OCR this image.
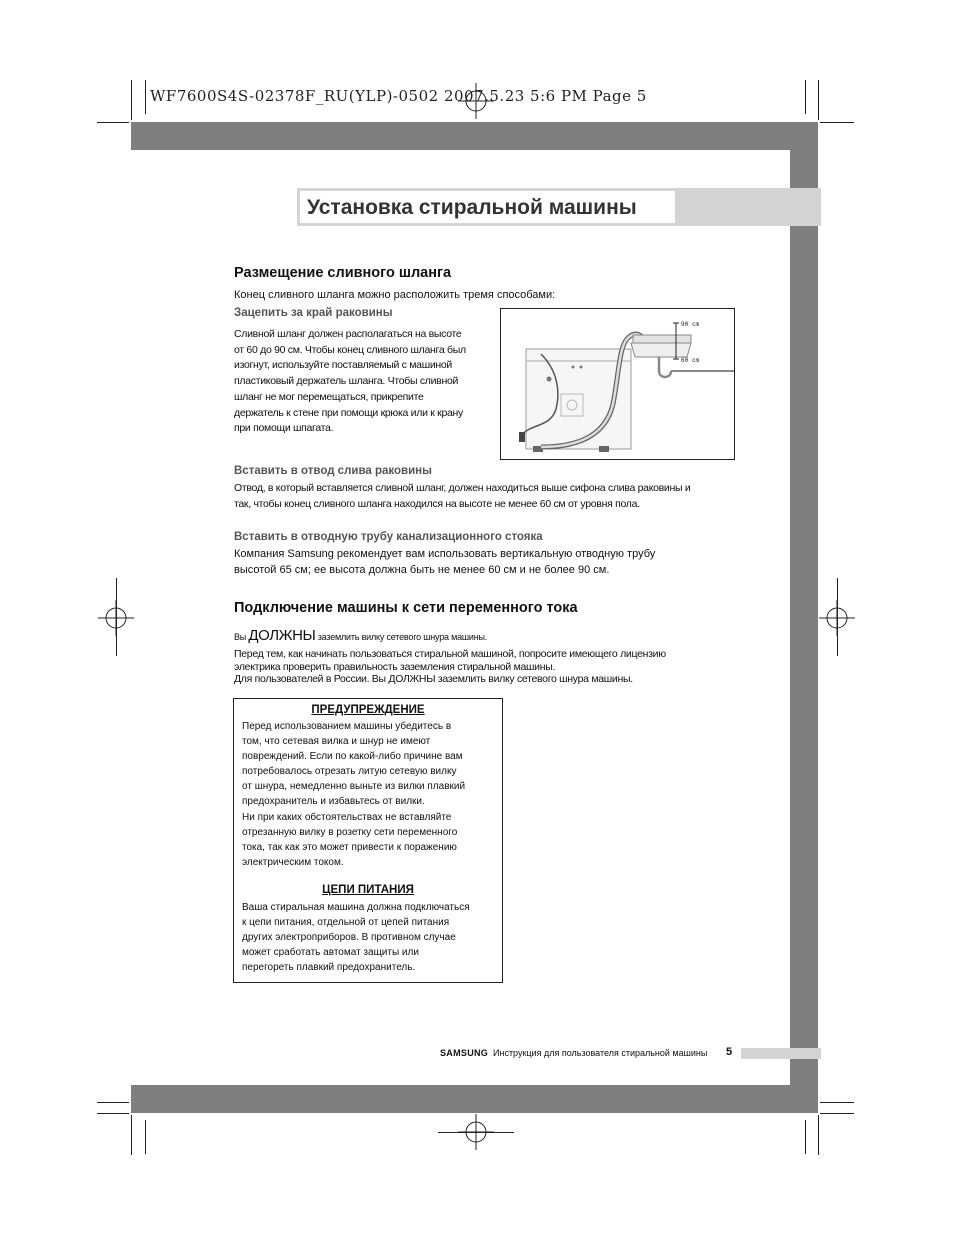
WF7600S4S-02378F_RU(YLP)-0502 2007.5.23 5:6 PM Page 5
Установка стиральной машины
Размещение сливного шланга
Конец сливного шланга можно расположить тремя способами:
Зацепить за край раковины
Сливной шланг должен располагаться на высоте
от 60 до 90 см. Чтобы конец сливного шланга был
изогнут, используйте поставляемый с машиной
пластиковый держатель шланга. Чтобы сливной
шланг не мог перемещаться, прикрепите
держатель к стене при помощи крюка или к крану
при помощи шпагата.
90 cm
60 cm
Вставить в отвод слива раковины
Отвод, в который вставляется сливной шланг, должен находиться выше сифона слива раковины и
так, чтобы конец сливного шланга находился на высоте не менее 60 см от уровня пола.
Вставить в отводную трубу канализационного стояка
Компания Samsung рекомендует вам использовать вертикальную отводную трубу
высотой 65 см; ее высота должна быть не менее 60 см и не более 90 см.
Подключение машины к сети переменного тока
Вы ДОЛЖНЫ заземлить вилку сетевого шнура машины.
Перед тем, как начинать пользоваться стиральной машиной, попросите имеющего лицензию
электрика проверить правильность заземления стиральной машины.
Для пользователей в России. Вы ДОЛЖНЫ заземлить вилку сетевого шнура машины.
ПРЕДУПРЕЖДЕНИЕ
Перед использованием машины убедитесь в
том, что сетевая вилка и шнур не имеют
повреждений. Если по какой-либо причине вам
потребовалось отрезать литую сетевую вилку
от шнура, немедленно выньте из вилки плавкий
предохранитель и избавьтесь от вилки.
Ни при каких обстоятельствах не вставляйте
отрезанную вилку в розетку сети переменного
тока, так как это может привести к поражению
электрическим током.
ЦЕПИ ПИТАНИЯ
Ваша стиральная машина должна подключаться
к цепи питания, отдельной от цепей питания
других электроприборов. В противном случае
может сработать автомат защиты или
перегореть плавкий предохранитель.
SAMSUNG Инструкция для пользователя стиральной машины 5
